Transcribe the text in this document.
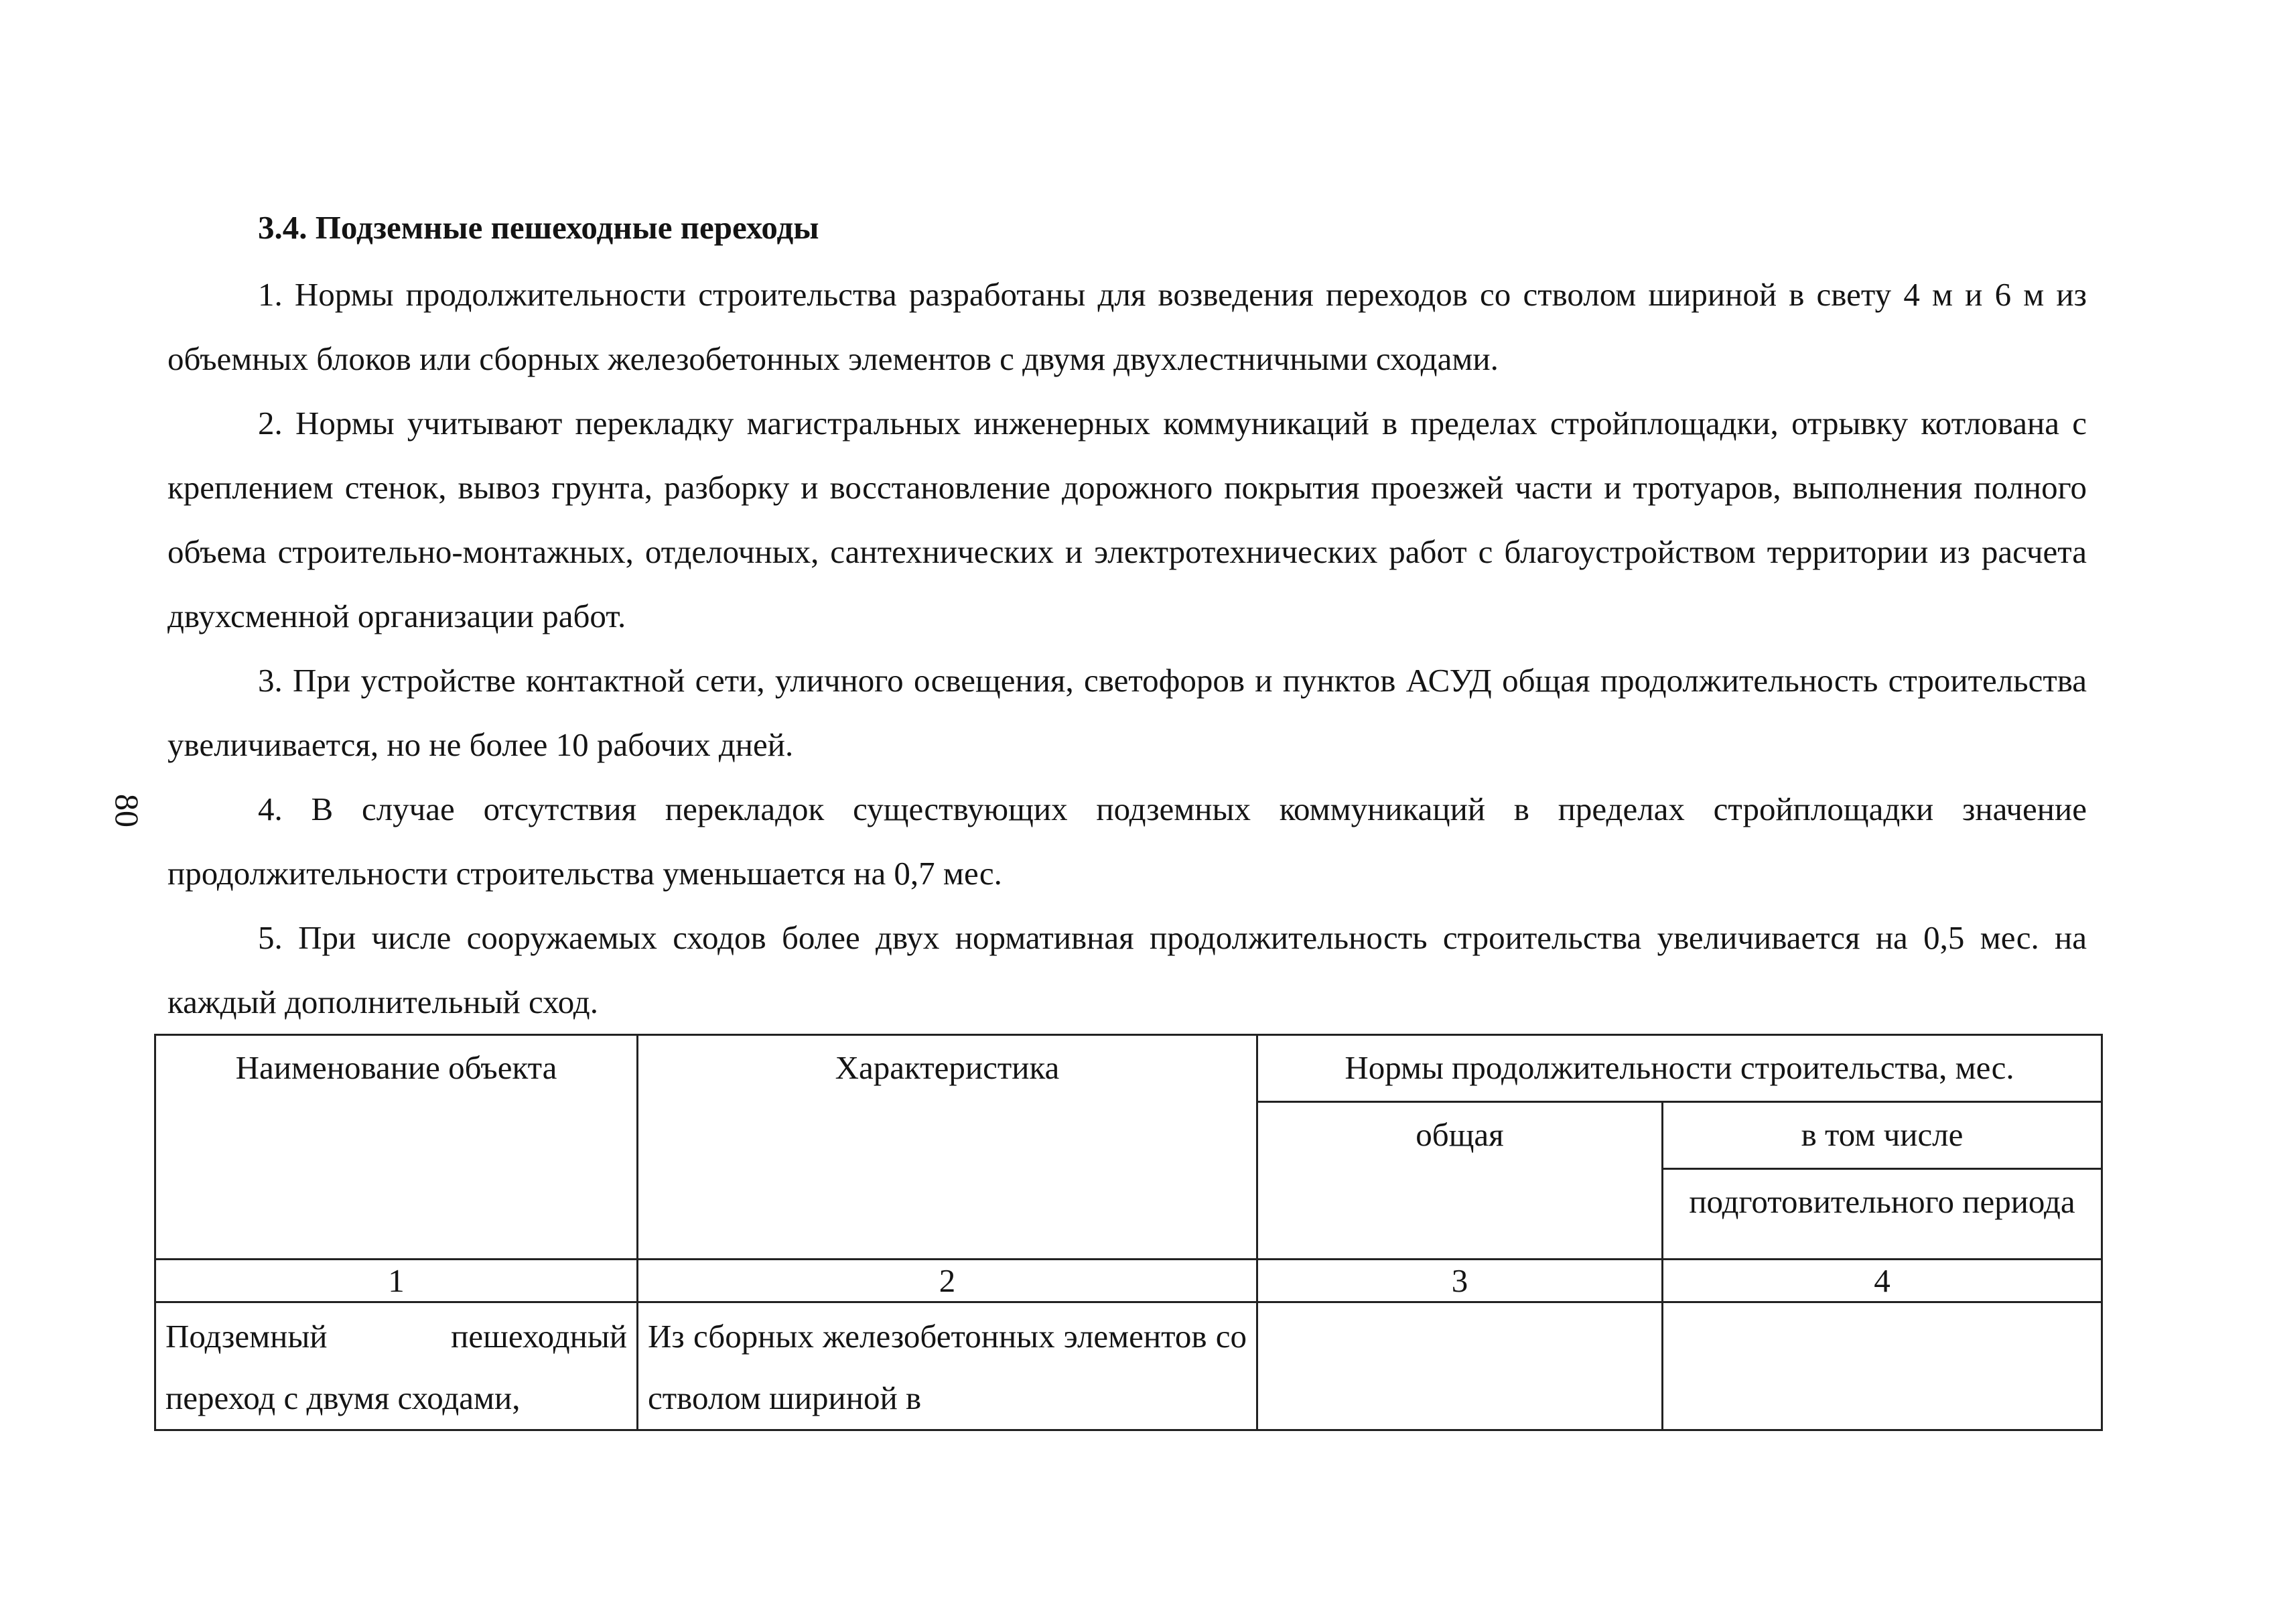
80
3.4. Подземные пешеходные переходы

1. Нормы продолжительности строительства разработаны для возведения переходов со стволом шириной в свету 4 м и 6 м из объемных блоков или сборных железобетонных элементов с двумя двухлестничными сходами.

2. Нормы учитывают перекладку магистральных инженерных коммуникаций в пределах стройплощадки, отрывку котлована с креплением стенок, вывоз грунта, разборку и восстановление дорожного покрытия проезжей части и тротуаров, выполнения полного объема строительно-монтажных, отделочных, сантехнических и электротехнических работ с благоустройством территории из расчета двухсменной организации работ.

3. При устройстве контактной сети, уличного освещения, светофоров и пунктов АСУД общая продолжительность строительства увеличивается, но не более 10 рабочих дней.

4. В случае отсутствия перекладок существующих подземных коммуникаций в пределах стройплощадки значение продолжительности строительства уменьшается на 0,7 мес.

5. При числе сооружаемых сходов более двух нормативная продолжительность строительства увеличивается на 0,5 мес. на каждый дополнительный сход.

Наименование объекта	Характеристика	Нормы продолжительности строительства, мес.	
		общая	в том числе
			подготовительного периода
1	2	3	4
Подземный пешеходный переход с двумя сходами,	Из сборных железобетонных элементов со стволом шириной в		
